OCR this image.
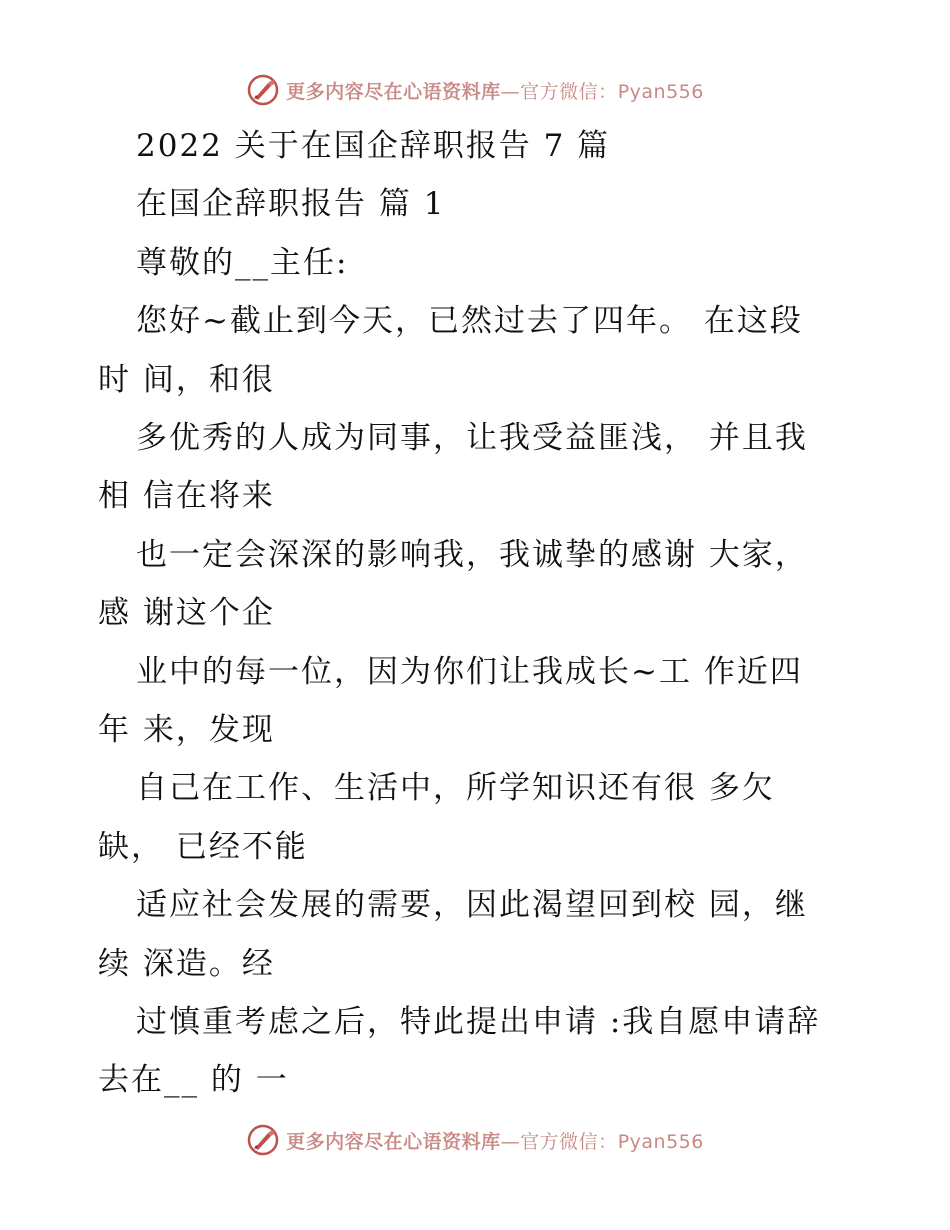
更多内容尽在心语资料库—官方微信：Pyan556
2022 关于在国企辞职报告 7 篇
在国企辞职报告 篇 1
尊敬的__主任:
您好~截止到今天，已然过去了四年。 在这段
时 间，和很
多优秀的人成为同事，让我受益匪浅， 并且我
相 信在将来
也一定会深深的影响我，我诚挚的感谢 大家，
感 谢这个企
业中的每一位，因为你们让我成长~工 作近四
年 来，发现
自己在工作、生活中，所学知识还有很 多欠
缺， 已经不能
适应社会发展的需要，因此渴望回到校 园，继
续 深造。经
过慎重考虑之后，特此提出申请 :我自愿申请辞
去在__ 的 一
更多内容尽在心语资料库—官方微信：Pyan556
